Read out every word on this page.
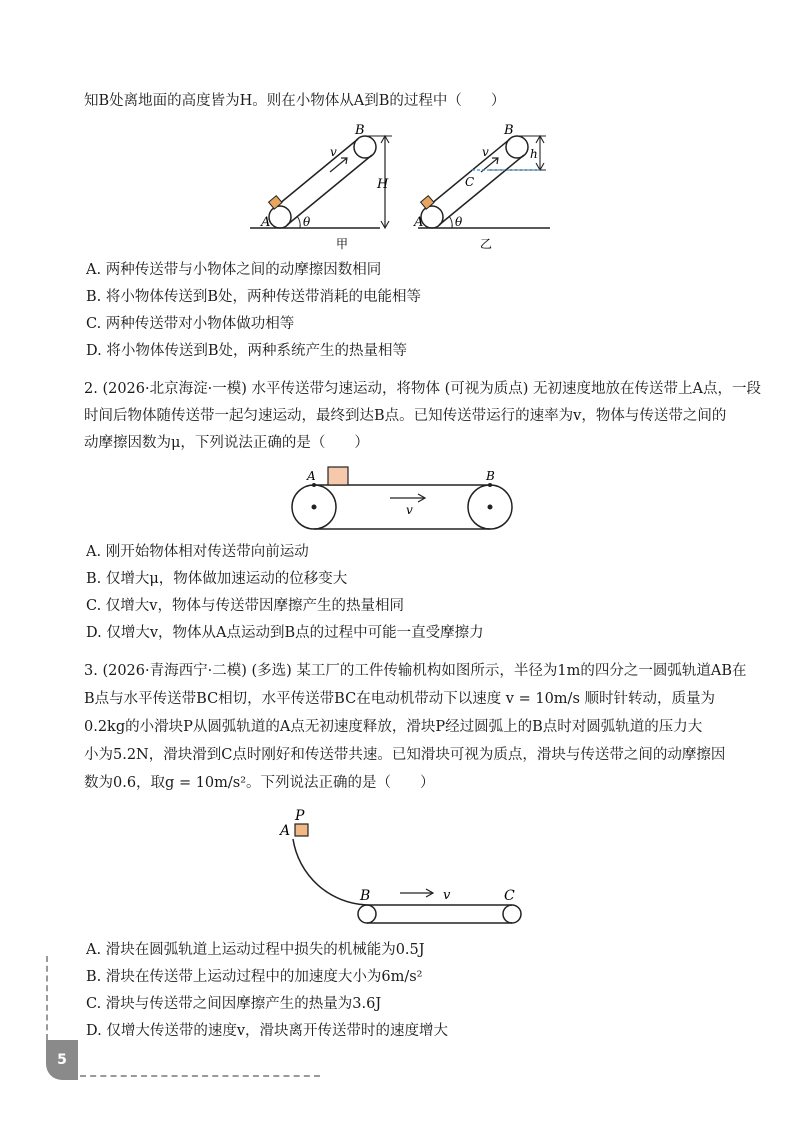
知B处离地面的高度皆为H。则在小物体从A到B的过程中（　　）
A
B
v
H
θ
甲
A
B
v
C
h
θ
乙
A. 两种传送带与小物体之间的动摩擦因数相同
B. 将小物体传送到B处，两种传送带消耗的电能相等
C. 两种传送带对小物体做功相等
D. 将小物体传送到B处，两种系统产生的热量相等
2. (2026·北京海淀·一模) 水平传送带匀速运动，将物体 (可视为质点) 无初速度地放在传送带上A点，一段
时间后物体随传送带一起匀速运动，最终到达B点。已知传送带运行的速率为v，物体与传送带之间的
动摩擦因数为μ，下列说法正确的是（　　）
A	B
v
A. 刚开始物体相对传送带向前运动
B. 仅增大μ，物体做加速运动的位移变大
C. 仅增大v，物体与传送带因摩擦产生的热量相同
D. 仅增大v，物体从A点运动到B点的过程中可能一直受摩擦力
3. (2026·青海西宁·二模) (多选) 某工厂的工件传输机构如图所示，半径为1m的四分之一圆弧轨道AB在
B点与水平传送带BC相切，水平传送带BC在电动机带动下以速度 v = 10m/s 顺时针转动，质量为
0.2kg的小滑块P从圆弧轨道的A点无初速度释放，滑块P经过圆弧上的B点时对圆弧轨道的压力大
小为5.2N，滑块滑到C点时刚好和传送带共速。已知滑块可视为质点，滑块与传送带之间的动摩擦因
数为0.6，取g = 10m/s²。下列说法正确的是（　　）
P
A
B	v	C
A. 滑块在圆弧轨道上运动过程中损失的机械能为0.5J
B. 滑块在传送带上运动过程中的加速度大小为6m/s²
C. 滑块与传送带之间因摩擦产生的热量为3.6J
D. 仅增大传送带的速度v，滑块离开传送带时的速度增大
5
